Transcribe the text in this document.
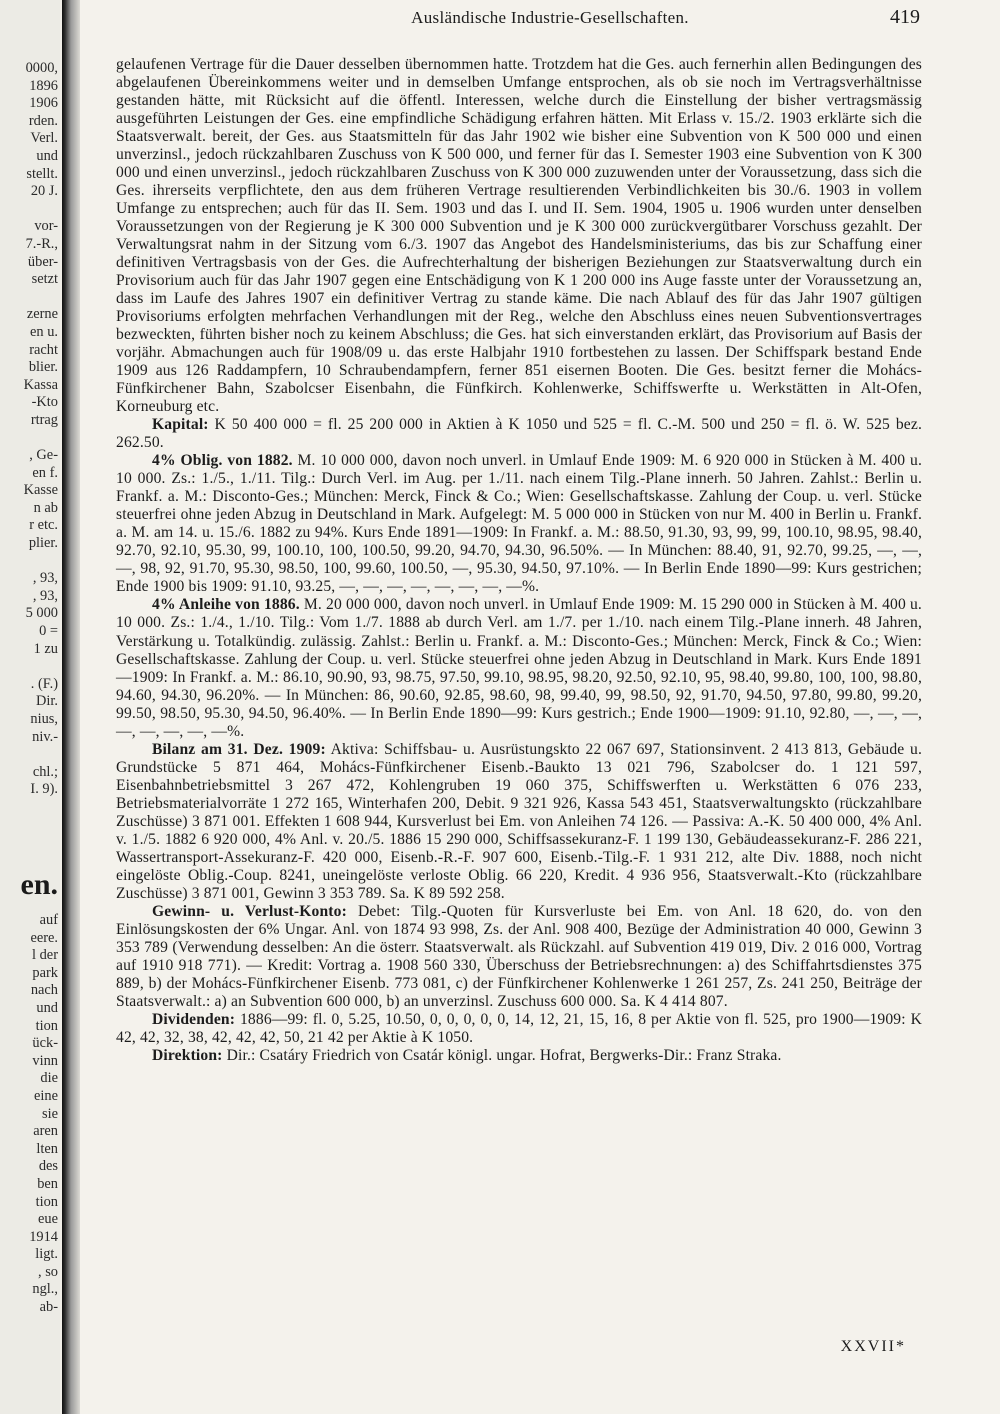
0000,
1896
1906
rden.
Verl.
und
stellt.
20 J.

vor-
7.-R.,
über-
setzt

zerne
en u.
racht
blier.
Kassa
-Kto
rtrag

, Ge-
en f.
Kasse
n ab
r etc.
plier.

, 93,
, 93,
5 000
0 =
1 zu

. (F.)
Dir.
nius,
niv.-

chl.;
I. 9).
en.
auf
eere.
l der
park
nach
und
tion
ück-
vinn
die
eine
sie
aren
lten
des
ben
tion
eue
1914
ligt.
, so
ngl.,
ab-
Ausländische Industrie-Gesellschaften.	419

gelaufenen Vertrage für die Dauer desselben übernommen hatte. Trotzdem hat die Ges. auch fernerhin allen Bedingungen des abgelaufenen Übereinkommens weiter und in demselben Umfange entsprochen, als ob sie noch im Vertragsverhältnisse gestanden hätte, mit Rücksicht auf die öffentl. Interessen, welche durch die Einstellung der bisher vertragsmässig ausgeführten Leistungen der Ges. eine empfindliche Schädigung erfahren hätten. Mit Erlass v. 15./2. 1903 erklärte sich die Staatsverwalt. bereit, der Ges. aus Staatsmitteln für das Jahr 1902 wie bisher eine Subvention von K 500 000 und einen unverzinsl., jedoch rückzahlbaren Zuschuss von K 500 000, und ferner für das I. Semester 1903 eine Subvention von K 300 000 und einen unverzinsl., jedoch rückzahlbaren Zuschuss von K 300 000 zuzuwenden unter der Voraussetzung, dass sich die Ges. ihrerseits verpflichtete, den aus dem früheren Vertrage resultierenden Verbindlichkeiten bis 30./6. 1903 in vollem Umfange zu entsprechen; auch für das II. Sem. 1903 und das I. und II. Sem. 1904, 1905 u. 1906 wurden unter denselben Voraussetzungen von der Regierung je K 300 000 Subvention und je K 300 000 zurückvergütbarer Vorschuss gezahlt. Der Verwaltungsrat nahm in der Sitzung vom 6./3. 1907 das Angebot des Handelsministeriums, das bis zur Schaffung einer definitiven Vertragsbasis von der Ges. die Aufrechterhaltung der bisherigen Beziehungen zur Staatsverwaltung durch ein Provisorium auch für das Jahr 1907 gegen eine Entschädigung von K 1 200 000 ins Auge fasste unter der Voraussetzung an, dass im Laufe des Jahres 1907 ein definitiver Vertrag zu stande käme. Die nach Ablauf des für das Jahr 1907 gültigen Provisoriums erfolgten mehrfachen Verhandlungen mit der Reg., welche den Abschluss eines neuen Subventionsvertrages bezweckten, führten bisher noch zu keinem Abschluss; die Ges. hat sich einverstanden erklärt, das Provisorium auf Basis der vorjähr. Abmachungen auch für 1908/09 u. das erste Halbjahr 1910 fortbestehen zu lassen. Der Schiffspark bestand Ende 1909 aus 126 Raddampfern, 10 Schraubendampfern, ferner 851 eisernen Booten. Die Ges. besitzt ferner die Mohács-Fünfkirchener Bahn, Szabolcser Eisenbahn, die Fünfkirch. Kohlenwerke, Schiffswerfte u. Werkstätten in Alt-Ofen, Korneuburg etc.

Kapital: K 50 400 000 = fl. 25 200 000 in Aktien à K 1050 und 525 = fl. C.-M. 500 und 250 = fl. ö. W. 525 bez. 262.50.

4% Oblig. von 1882. M. 10 000 000, davon noch unverl. in Umlauf Ende 1909: M. 6 920 000 in Stücken à M. 400 u. 10 000. Zs.: 1./5., 1./11. Tilg.: Durch Verl. im Aug. per 1./11. nach einem Tilg.-Plane innerh. 50 Jahren. Zahlst.: Berlin u. Frankf. a. M.: Disconto-Ges.; München: Merck, Finck & Co.; Wien: Gesellschaftskasse. Zahlung der Coup. u. verl. Stücke steuerfrei ohne jeden Abzug in Deutschland in Mark. Aufgelegt: M. 5 000 000 in Stücken von nur M. 400 in Berlin u. Frankf. a. M. am 14. u. 15./6. 1882 zu 94%. Kurs Ende 1891—1909: In Frankf. a. M.: 88.50, 91.30, 93, 99, 99, 100.10, 98.95, 98.40, 92.70, 92.10, 95.30, 99, 100.10, 100, 100.50, 99.20, 94.70, 94.30, 96.50%. — In München: 88.40, 91, 92.70, 99.25, —, —, —, 98, 92, 91.70, 95.30, 98.50, 100, 99.60, 100.50, —, 95.30, 94.50, 97.10%. — In Berlin Ende 1890—99: Kurs gestrichen; Ende 1900 bis 1909: 91.10, 93.25, —, —, —, —, —, —, —, —%.

4% Anleihe von 1886. M. 20 000 000, davon noch unverl. in Umlauf Ende 1909: M. 15 290 000 in Stücken à M. 400 u. 10 000. Zs.: 1./4., 1./10. Tilg.: Vom 1./7. 1888 ab durch Verl. am 1./7. per 1./10. nach einem Tilg.-Plane innerh. 48 Jahren, Verstärkung u. Totalkündig. zulässig. Zahlst.: Berlin u. Frankf. a. M.: Disconto-Ges.; München: Merck, Finck & Co.; Wien: Gesellschaftskasse. Zahlung der Coup. u. verl. Stücke steuerfrei ohne jeden Abzug in Deutschland in Mark. Kurs Ende 1891—1909: In Frankf. a. M.: 86.10, 90.90, 93, 98.75, 97.50, 99.10, 98.95, 98.20, 92.50, 92.10, 95, 98.40, 99.80, 100, 100, 98.80, 94.60, 94.30, 96.20%. — In München: 86, 90.60, 92.85, 98.60, 98, 99.40, 99, 98.50, 92, 91.70, 94.50, 97.80, 99.80, 99.20, 99.50, 98.50, 95.30, 94.50, 96.40%. — In Berlin Ende 1890—99: Kurs gestrich.; Ende 1900—1909: 91.10, 92.80, —, —, —, —, —, —, —, —%.

Bilanz am 31. Dez. 1909: Aktiva: Schiffsbau- u. Ausrüstungskto 22 067 697, Stationsinvent. 2 413 813, Gebäude u. Grundstücke 5 871 464, Mohács-Fünfkirchener Eisenb.-Baukto 13 021 796, Szabolcser do. 1 121 597, Eisenbahnbetriebsmittel 3 267 472, Kohlengruben 19 060 375, Schiffswerften u. Werkstätten 6 076 233, Betriebsmaterialvorräte 1 272 165, Winterhafen 200, Debit. 9 321 926, Kassa 543 451, Staatsverwaltungskto (rückzahlbare Zuschüsse) 3 871 001. Effekten 1 608 944, Kursverlust bei Em. von Anleihen 74 126. — Passiva: A.-K. 50 400 000, 4% Anl. v. 1./5. 1882 6 920 000, 4% Anl. v. 20./5. 1886 15 290 000, Schiffsassekuranz-F. 1 199 130, Gebäudeassekuranz-F. 286 221, Wassertransport-Assekuranz-F. 420 000, Eisenb.-R.-F. 907 600, Eisenb.-Tilg.-F. 1 931 212, alte Div. 1888, noch nicht eingelöste Oblig.-Coup. 8241, uneingelöste verloste Oblig. 66 220, Kredit. 4 936 956, Staatsverwalt.-Kto (rückzahlbare Zuschüsse) 3 871 001, Gewinn 3 353 789. Sa. K 89 592 258.

Gewinn- u. Verlust-Konto: Debet: Tilg.-Quoten für Kursverluste bei Em. von Anl. 18 620, do. von den Einlösungskosten der 6% Ungar. Anl. von 1874 93 998, Zs. der Anl. 908 400, Bezüge der Administration 40 000, Gewinn 3 353 789 (Verwendung desselben: An die österr. Staatsverwalt. als Rückzahl. auf Subvention 419 019, Div. 2 016 000, Vortrag auf 1910 918 771). — Kredit: Vortrag a. 1908 560 330, Überschuss der Betriebsrechnungen: a) des Schiffahrtsdienstes 375 889, b) der Mohács-Fünfkirchener Eisenb. 773 081, c) der Fünfkirchener Kohlenwerke 1 261 257, Zs. 241 250, Beiträge der Staatsverwalt.: a) an Subvention 600 000, b) an unverzinsl. Zuschuss 600 000. Sa. K 4 414 807.

Dividenden: 1886—99: fl. 0, 5.25, 10.50, 0, 0, 0, 0, 0, 14, 12, 21, 15, 16, 8 per Aktie von fl. 525, pro 1900—1909: K 42, 42, 32, 38, 42, 42, 42, 50, 21 42 per Aktie à K 1050.

Direktion: Dir.: Csatáry Friedrich von Csatár königl. ungar. Hofrat, Bergwerks-Dir.: Franz Straka.

XXVII*
